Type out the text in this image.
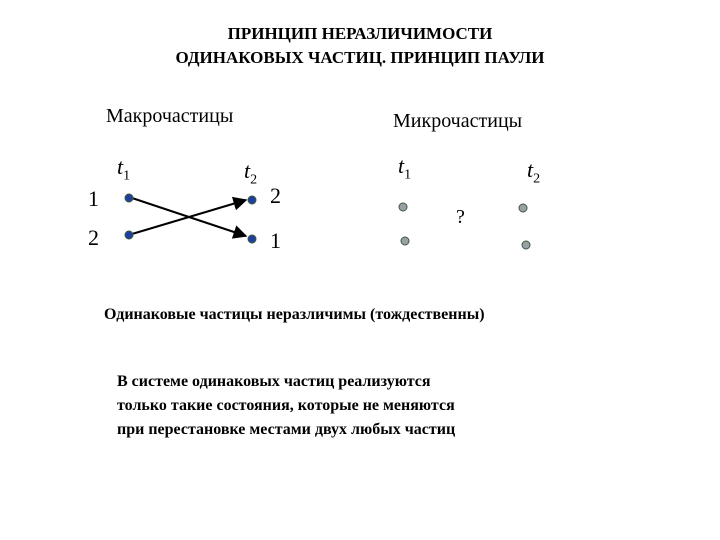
ПРИНЦИП НЕРАЗЛИЧИМОСТИ
ОДИНАКОВЫХ ЧАСТИЦ. ПРИНЦИП ПАУЛИ
Макрочастицы	Микрочастицы
$t_1$	$t_2$
$t_1$	$t_2$
1
2
2
1
?
Одинаковые частицы неразличимы (тождественны)
В системе одинаковых частиц реализуются
только такие состояния, которые не меняются
при перестановке местами двух любых частиц
